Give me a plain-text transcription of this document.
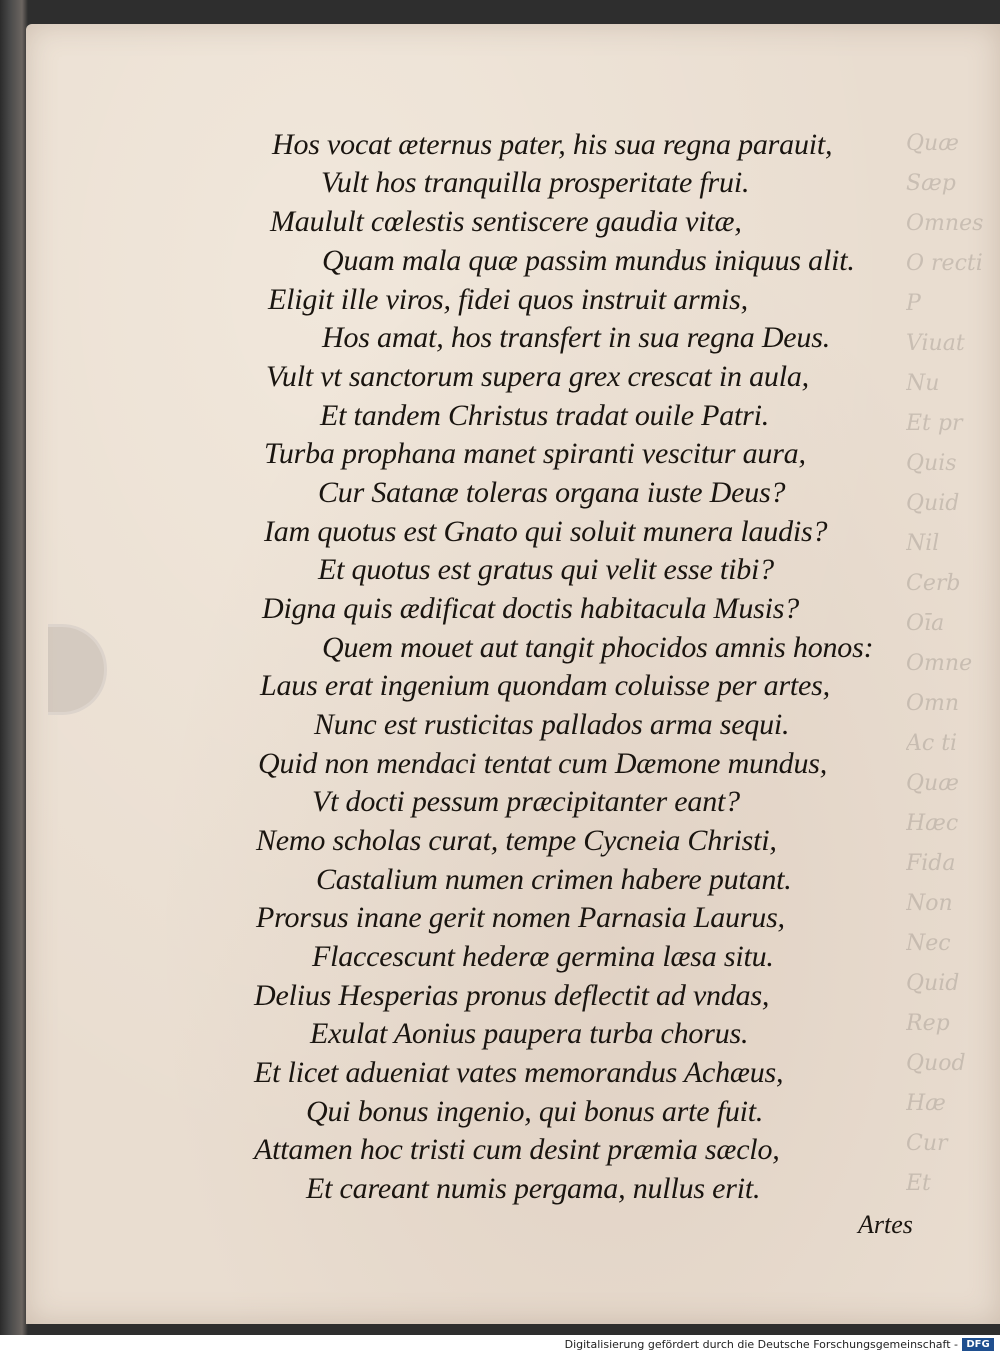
Quæ
Sæp
Omnes
O recti
P
Viuat
Nu
Et pr
Quis
Quid
Nil
Cerb
Oīa
Omne
Omn
Ac ti
Quæ
Hæc
Fida
Non
Nec
Quid
Rep
Quod
Hæ
Cur
Et
Hos vocat æternus pater, his sua regna parauit,
Vult hos tranquilla prosperitate frui.
Maulult cœlestis sentiscere gaudia vitæ,
Quam mala quæ passim mundus iniquus alit.
Eligit ille viros, fidei quos instruit armis,
Hos amat, hos transfert in sua regna Deus.
Vult vt sanctorum supera grex crescat in aula,
Et tandem Christus tradat ouile Patri.
Turba prophana manet spiranti vescitur aura,
Cur Satanæ toleras organa iuste Deus?
Iam quotus est Gnato qui soluit munera laudis?
Et quotus est gratus qui velit esse tibi?
Digna quis ædificat doctis habitacula Musis?
Quem mouet aut tangit phocidos amnis honos:
Laus erat ingenium quondam coluisse per artes,
Nunc est rusticitas pallados arma sequi.
Quid non mendaci tentat cum Dæmone mundus,
Vt docti pessum præcipitanter eant?
Nemo scholas curat, tempe Cycneia Christi,
Castalium numen crimen habere putant.
Prorsus inane gerit nomen Parnasia Laurus,
Flaccescunt hederæ germina læsa situ.
Delius Hesperias pronus deflectit ad vndas,
Exulat Aonius paupera turba chorus.
Et licet adueniat vates memorandus Achæus,
Qui bonus ingenio, qui bonus arte fuit.
Attamen hoc tristi cum desint præmia sæclo,
Et careant numis pergama, nullus erit.
Artes
Digitalisierung gefördert durch die Deutsche Forschungsgemeinschaft - DFG
